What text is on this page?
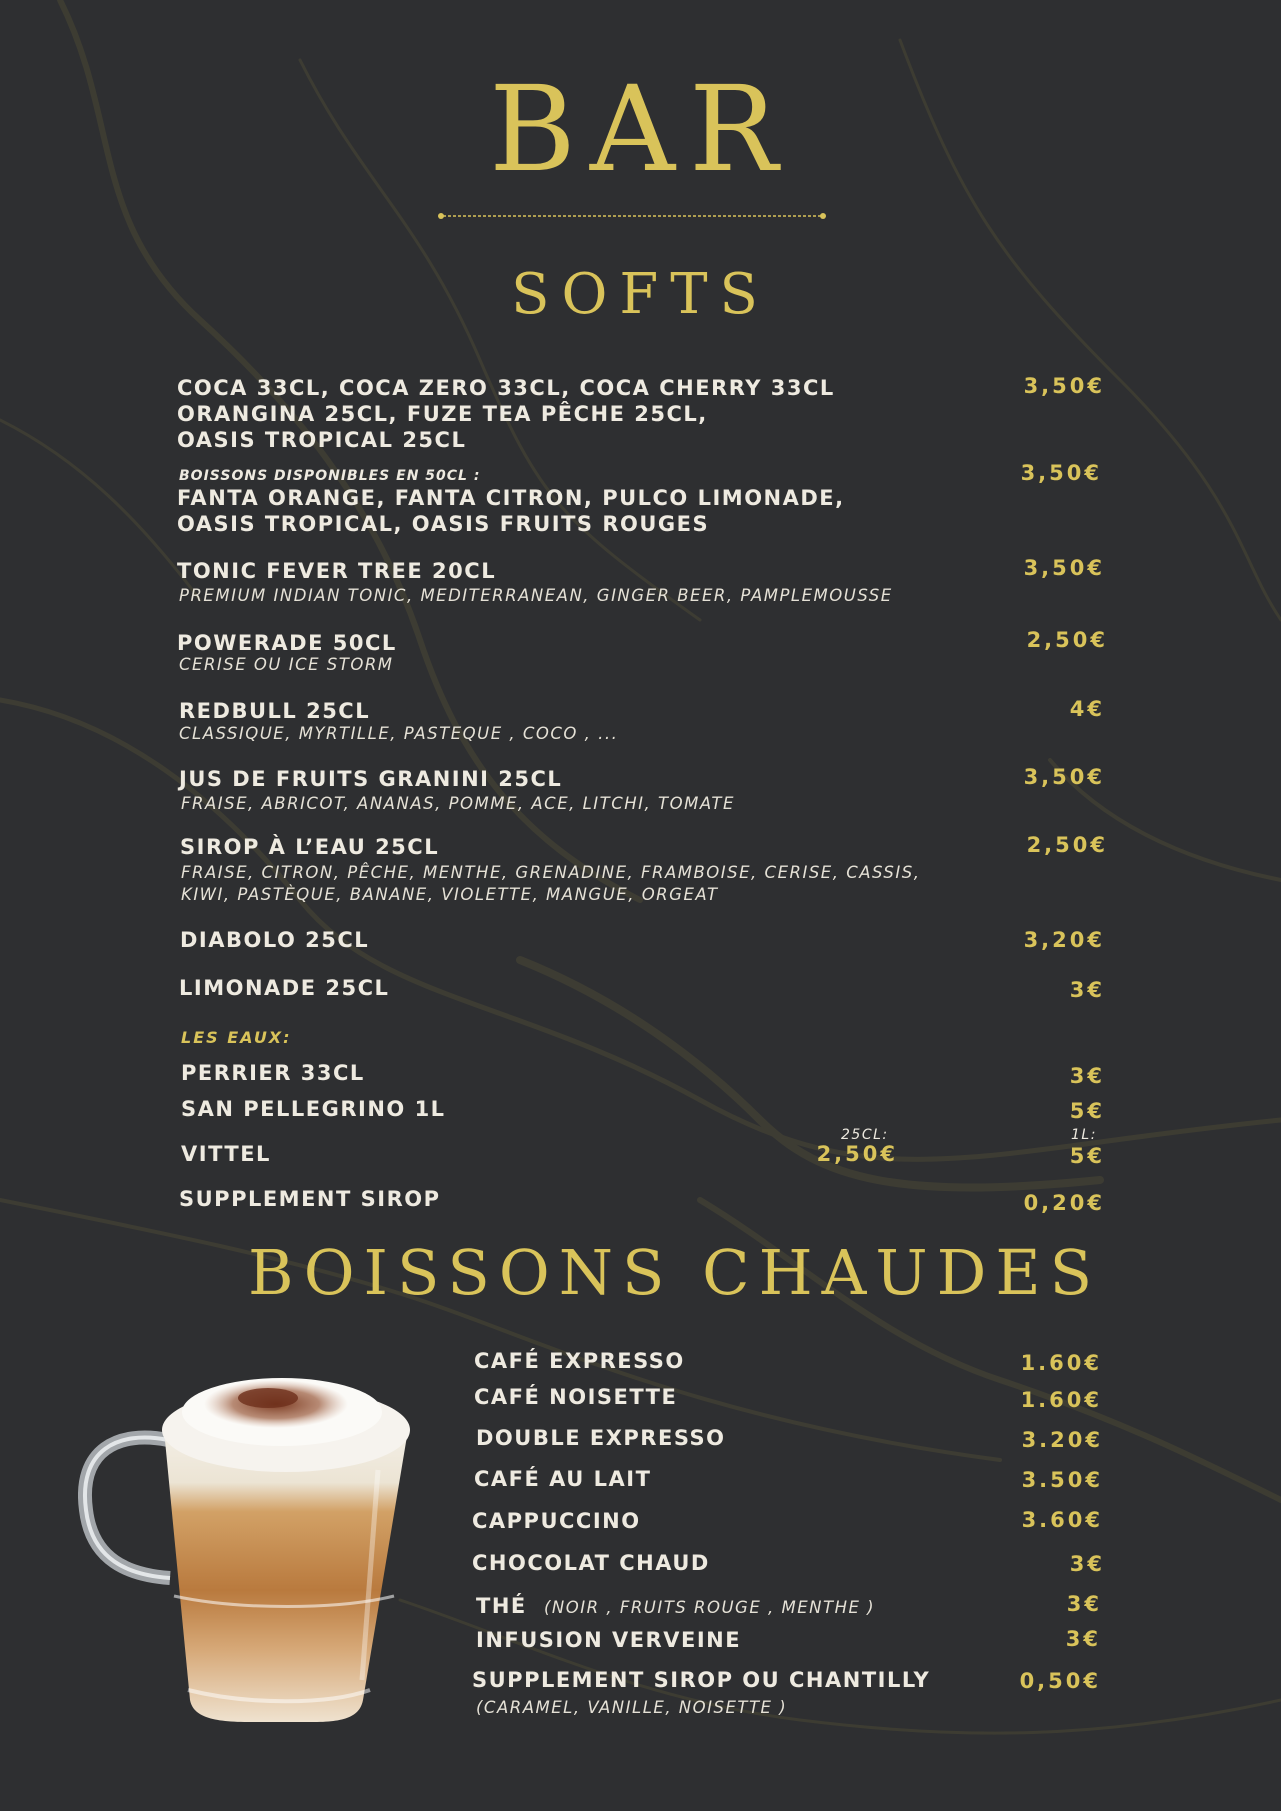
BAR
SOFTS
COCA 33CL, COCA ZERO 33CL, COCA CHERRY 33CL
ORANGINA 25CL, FUZE TEA PÊCHE 25CL,
OASIS TROPICAL 25CL
3,50€
BOISSONS DISPONIBLES EN 50CL :
FANTA ORANGE, FANTA CITRON, PULCO LIMONADE,
OASIS TROPICAL, OASIS FRUITS ROUGES
3,50€
TONIC FEVER TREE 20CL
PREMIUM INDIAN TONIC, MEDITERRANEAN, GINGER BEER, PAMPLEMOUSSE
3,50€
POWERADE 50CL
CERISE OU ICE STORM
2,50€
REDBULL 25CL
CLASSIQUE, MYRTILLE, PASTEQUE , COCO , ...
4€
JUS DE FRUITS GRANINI 25CL
FRAISE, ABRICOT, ANANAS, POMME, ACE, LITCHI, TOMATE
3,50€
SIROP À L’EAU 25CL
FRAISE, CITRON, PÊCHE, MENTHE, GRENADINE, FRAMBOISE, CERISE, CASSIS,
KIWI, PASTÈQUE, BANANE, VIOLETTE, MANGUE, ORGEAT
2,50€
DIABOLO 25CL	3,20€
LIMONADE 25CL	3€
LES EAUX:
PERRIER 33CL	3€
SAN PELLEGRINO 1L	5€
VITTEL
25CL:
2,50€
1L:
5€
SUPPLEMENT SIROP	0,20€
BOISSONS CHAUDES
CAFÉ EXPRESSO	1.60€
CAFÉ NOISETTE	1.60€
DOUBLE EXPRESSO	3.20€
CAFÉ AU LAIT	3.50€
CAPPUCCINO	3.60€
CHOCOLAT CHAUD	3€
THÉ (NOIR , FRUITS ROUGE , MENTHE )	3€
INFUSION VERVEINE	3€
SUPPLEMENT SIROP OU CHANTILLY
(CARAMEL, VANILLE, NOISETTE )
0,50€
